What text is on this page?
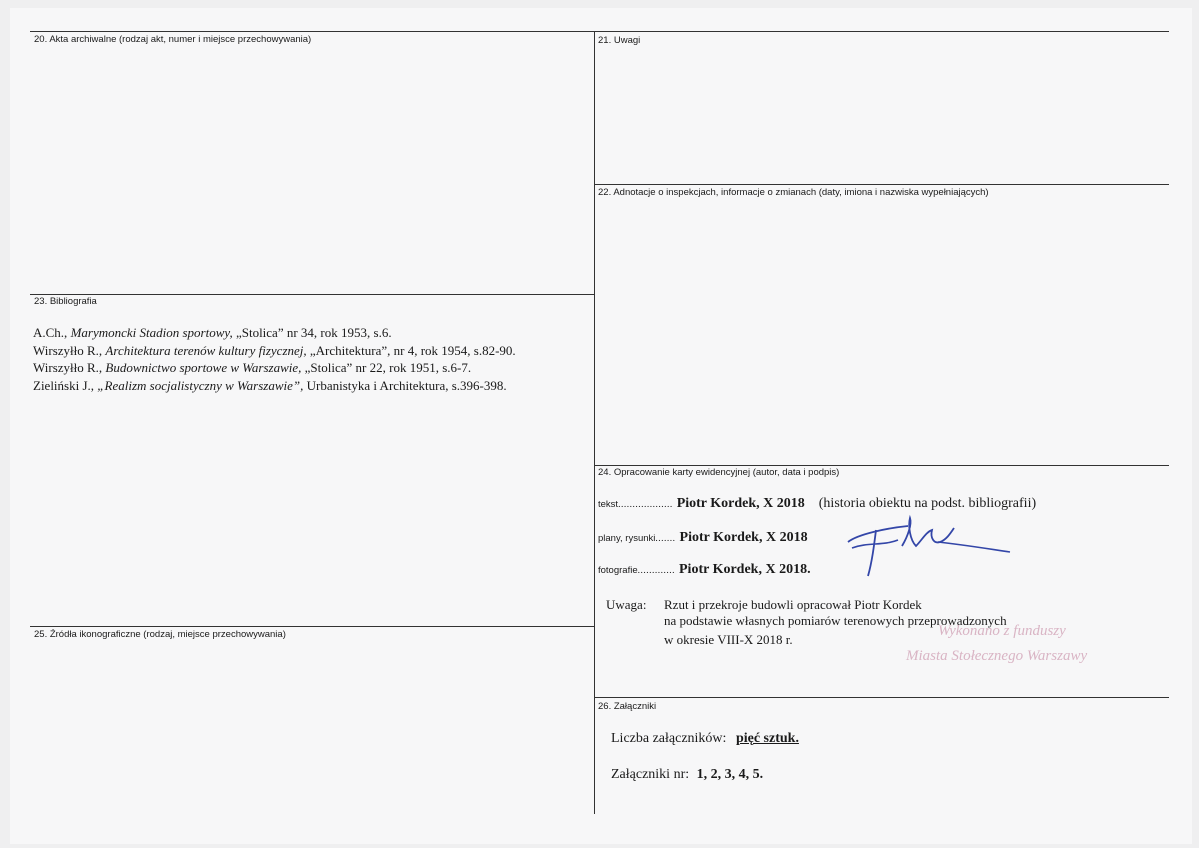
20. Akta archiwalne (rodzaj akt, numer i miejsce przechowywania)	21. Uwagi
22. Adnotacje o inspekcjach, informacje o zmianach (daty, imiona i nazwiska wypełniających)
23. Bibliografia
24. Opracowanie karty ewidencyjnej (autor, data i podpis)
25. Źródła ikonograficzne (rodzaj, miejsce przechowywania)
26. Załączniki
A.Ch., Marymoncki Stadion sportowy, „Stolica” nr 34, rok 1953, s.6.
Wirszyłło R., Architektura terenów kultury fizycznej, „Architektura”, nr 4, rok 1954, s.82-90.
Wirszyłło R., Budownictwo sportowe w Warszawie, „Stolica” nr 22, rok 1951, s.6-7.
Zieliński J., „Realizm socjalistyczny w Warszawie”, Urbanistyka i Architektura, s.396-398.
tekst................... Piotr Kordek, X 2018 (historia obiektu na podst. bibliografii)
plany, rysunki....... Piotr Kordek, X 2018
fotografie............. Piotr Kordek, X 2018.
Uwaga: Rzut i przekroje budowli opracował Piotr Kordek
Wykonano z funduszy
Miasta Stołecznego Warszawy
na podstawie własnych pomiarów terenowych przeprowadzonych
w okresie VIII-X 2018 r.
Liczba załączników: pięć sztuk.
Załączniki nr: 1, 2, 3, 4, 5.
